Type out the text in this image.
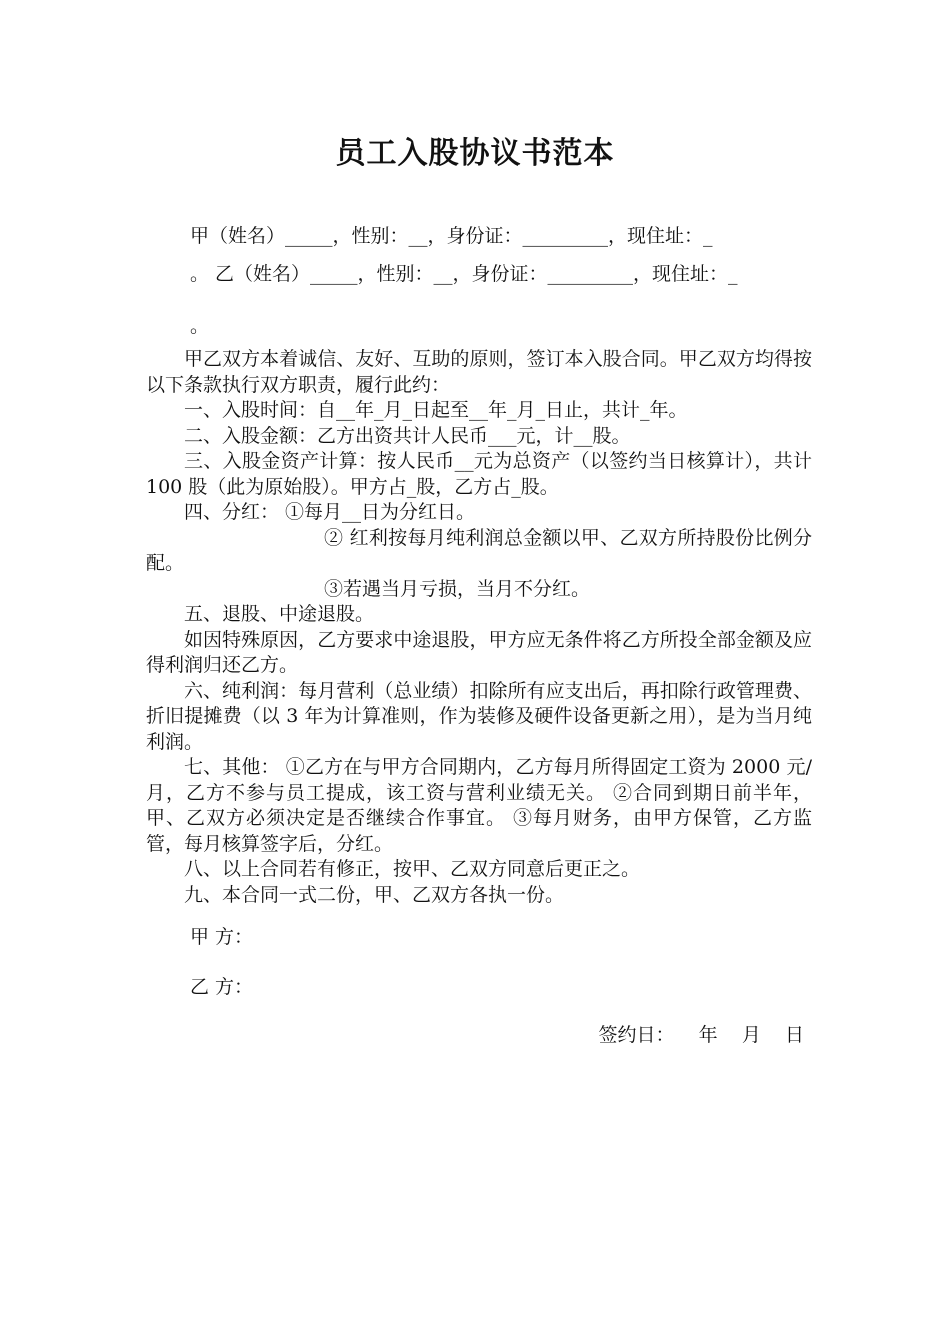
员工入股协议书范本
甲（姓名）_____，性别：__，身份证：_________，现住址：_
。 乙（姓名）_____，性别：__，身份证：_________，现住址：_
。

甲乙双方本着诚信、友好、互助的原则，签订本入股合同。甲乙双方均得按以下条款执行双方职责，履行此约：

一、入股时间：自__年_月_日起至__年_月_日止，共计_年。

二、入股金额：乙方出资共计人民币___元，计__股。

三、入股金资产计算：按人民币__元为总资产（以签约当日核算计），共计 100 股（此为原始股）。甲方占_股，乙方占_股。

四、分红： ①每月__日为分红日。

② 红利按每月纯利润总金额以甲、乙双方所持股份比例分配。

③若遇当月亏损，当月不分红。

五、退股、中途退股。

如因特殊原因，乙方要求中途退股，甲方应无条件将乙方所投全部金额及应得利润归还乙方。

六、纯利润：每月营利（总业绩）扣除所有应支出后，再扣除行政管理费、折旧提摊费（以 3 年为计算准则，作为装修及硬件设备更新之用），是为当月纯利润。

七、其他： ①乙方在与甲方合同期内，乙方每月所得固定工资为 2000 元/月，乙方不参与员工提成，该工资与营利业绩无关。 ②合同到期日前半年，甲、乙双方必须决定是否继续合作事宜。 ③每月财务，由甲方保管，乙方监管，每月核算签字后，分红。

八、以上合同若有修正，按甲、乙双方同意后更正之。

九、本合同一式二份，甲、乙双方各执一份。

甲 方：
乙 方：
签约日：    年    月    日
